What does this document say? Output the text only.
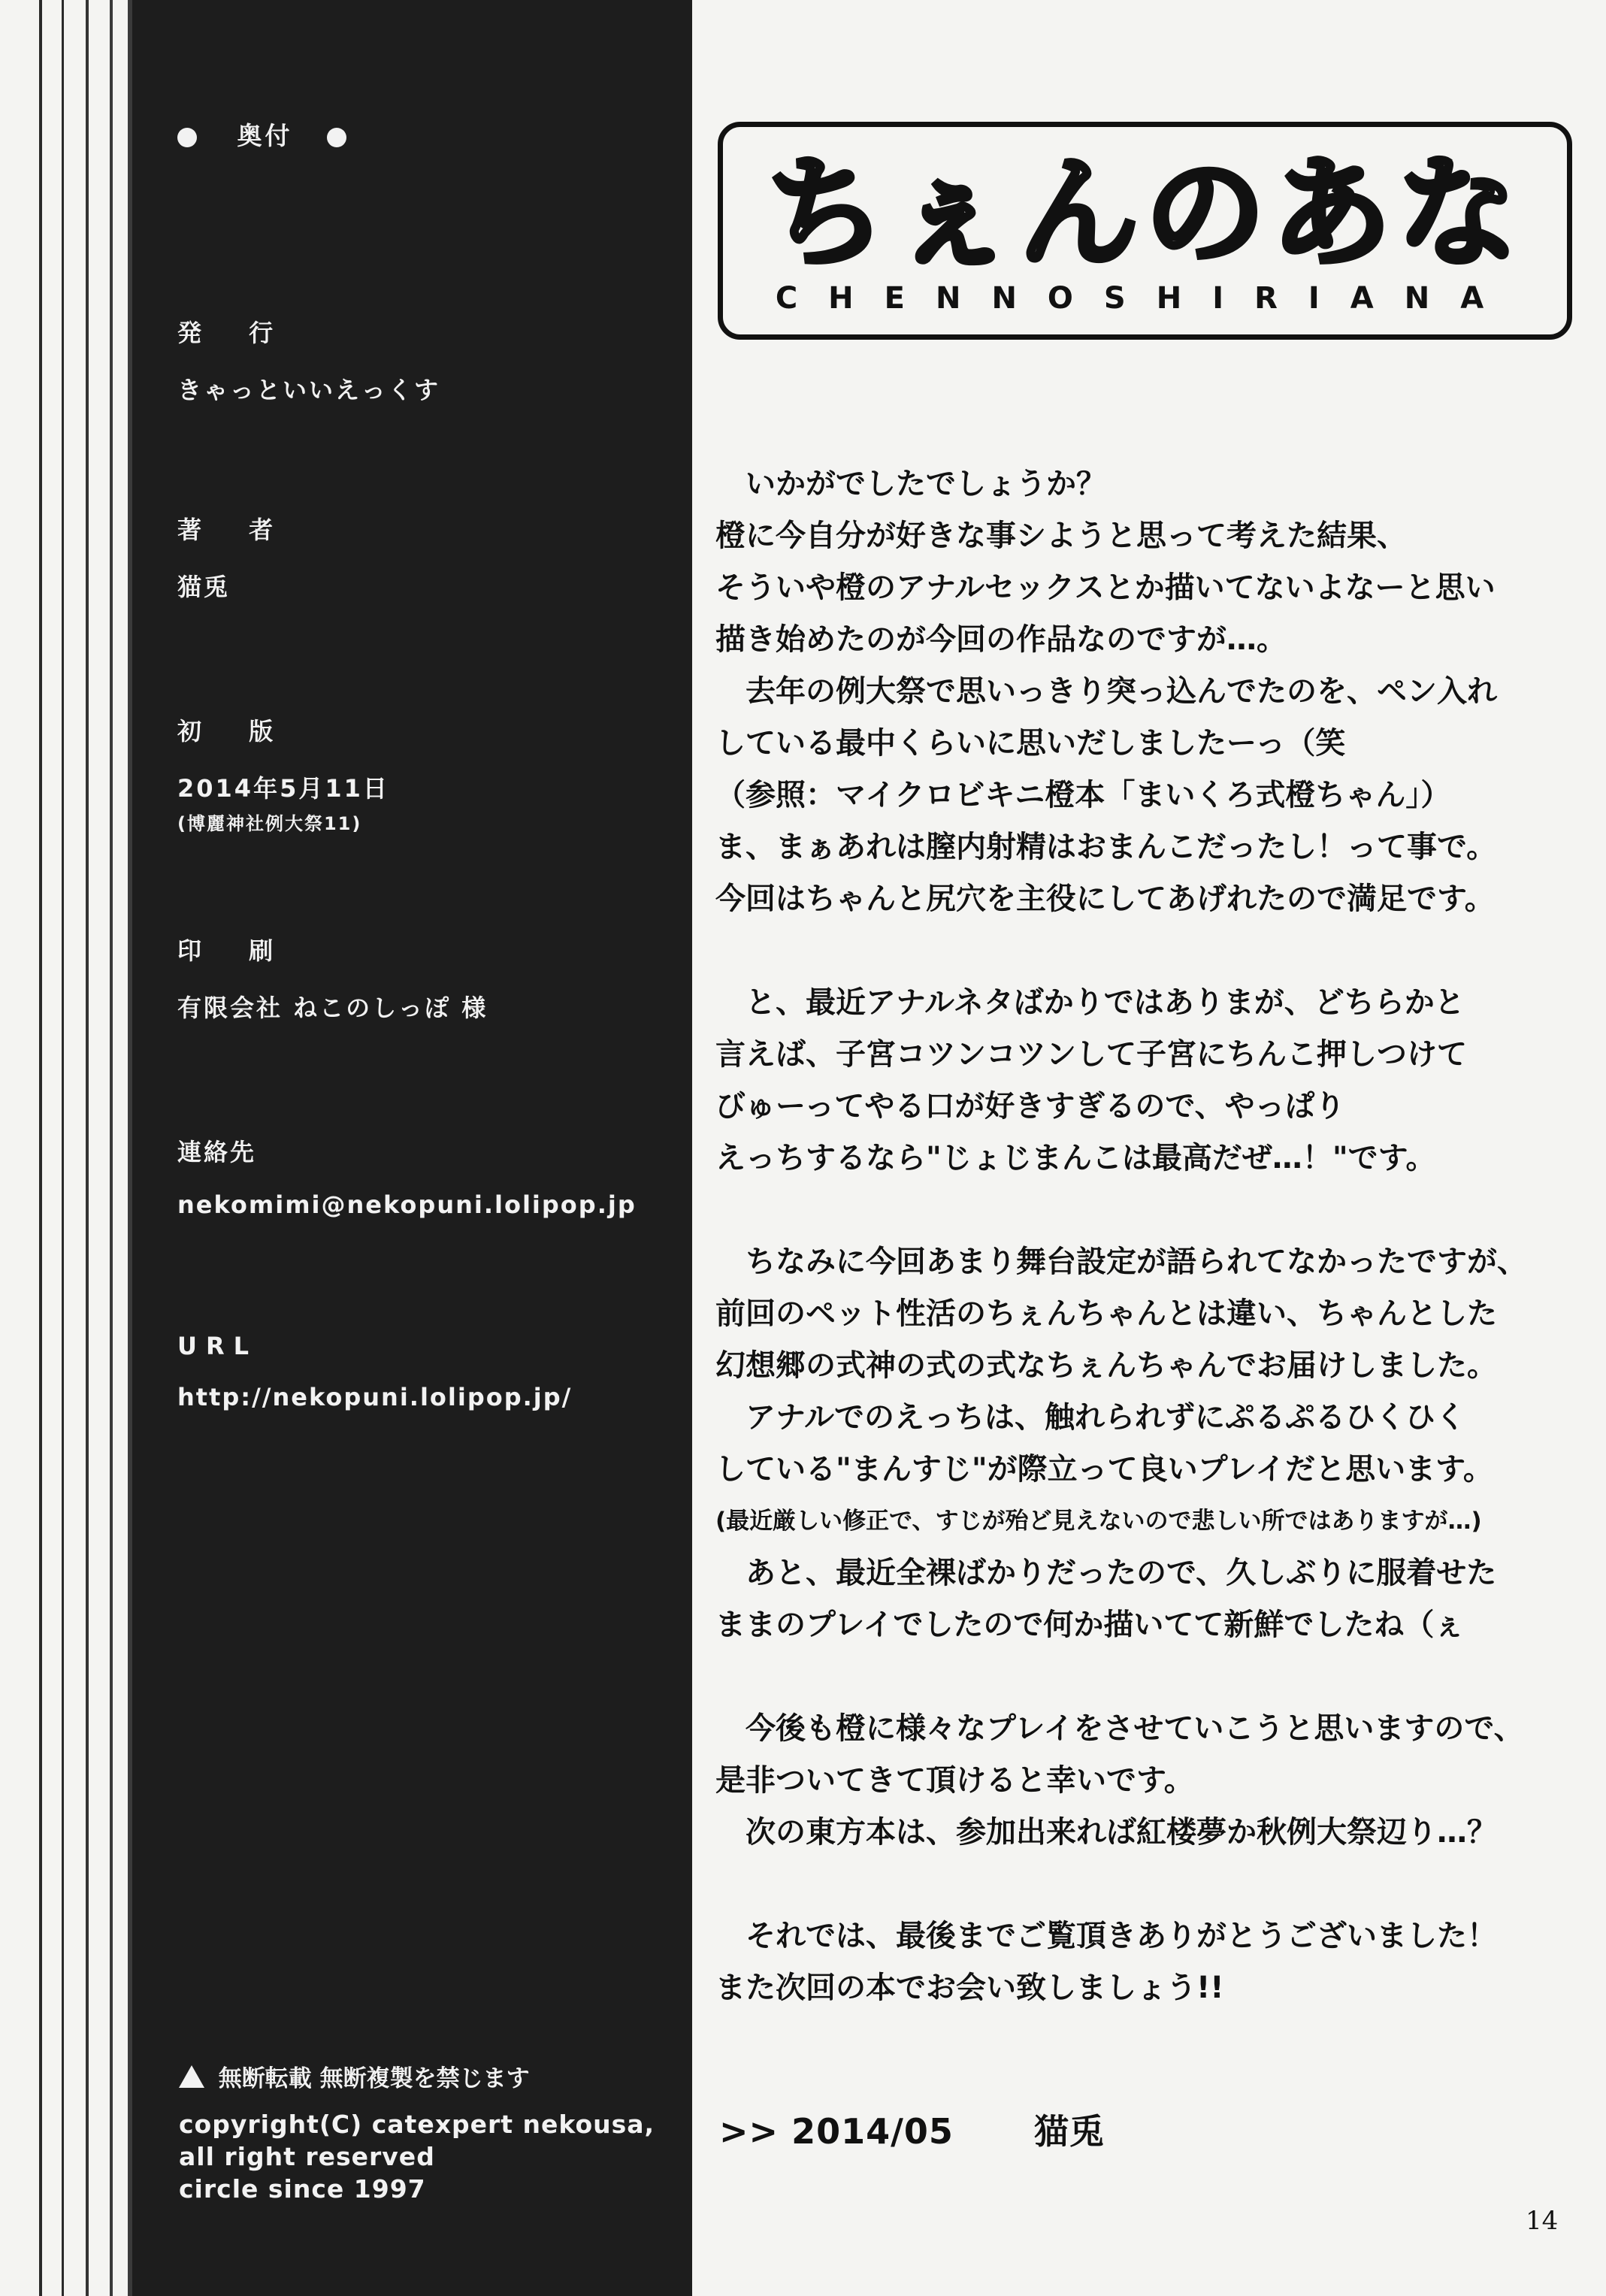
奥付
発 行
きゃっといいえっくす
著 者
猫兎
初 版
2014年5月11日
(博麗神社例大祭11)
印 刷
有限会社 ねこのしっぽ 様
連絡先
nekomimi@nekopuni.lolipop.jp
URL
http://nekopuni.lolipop.jp/
無断転載 無断複製を禁じます
copyright(C) catexpert nekousa,
all right reserved
circle since 1997
ちぇんのあな
CHENNOSHIRIANA
　いかがでしたでしょうか？
橙に今自分が好きな事シようと思って考えた結果、
そういや橙のアナルセックスとか描いてないよなーと思い
描き始めたのが今回の作品なのですが…。
　去年の例大祭で思いっきり突っ込んでたのを、ペン入れ
している最中くらいに思いだしましたーっ（笑
（参照：マイクロビキニ橙本「まいくろ式橙ちゃん」）
ま、まぁあれは膣内射精はおまんこだったし！って事で。
今回はちゃんと尻穴を主役にしてあげれたので満足です。
　と、最近アナルネタばかりではありまが、どちらかと
言えば、子宮コツンコツンして子宮にちんこ押しつけて
びゅーってやる口が好きすぎるので、やっぱり
えっちするなら"じょじまんこは最高だぜ…！"です。
　ちなみに今回あまり舞台設定が語られてなかったですが、
前回のペット性活のちぇんちゃんとは違い、ちゃんとした
幻想郷の式神の式の式なちぇんちゃんでお届けしました。
　アナルでのえっちは、触れられずにぷるぷるひくひく
している"まんすじ"が際立って良いプレイだと思います。
(最近厳しい修正で、すじが殆ど見えないので悲しい所ではありますが…)
　あと、最近全裸ばかりだったので、久しぶりに服着せた
ままのプレイでしたので何か描いてて新鮮でしたね（ぇ
　今後も橙に様々なプレイをさせていこうと思いますので、
是非ついてきて頂けると幸いです。
　次の東方本は、参加出来れば紅楼夢か秋例大祭辺り…？
　それでは、最後までご覧頂きありがとうございました！
また次回の本でお会い致しましょう!!
>> 2014/05 猫兎
14
